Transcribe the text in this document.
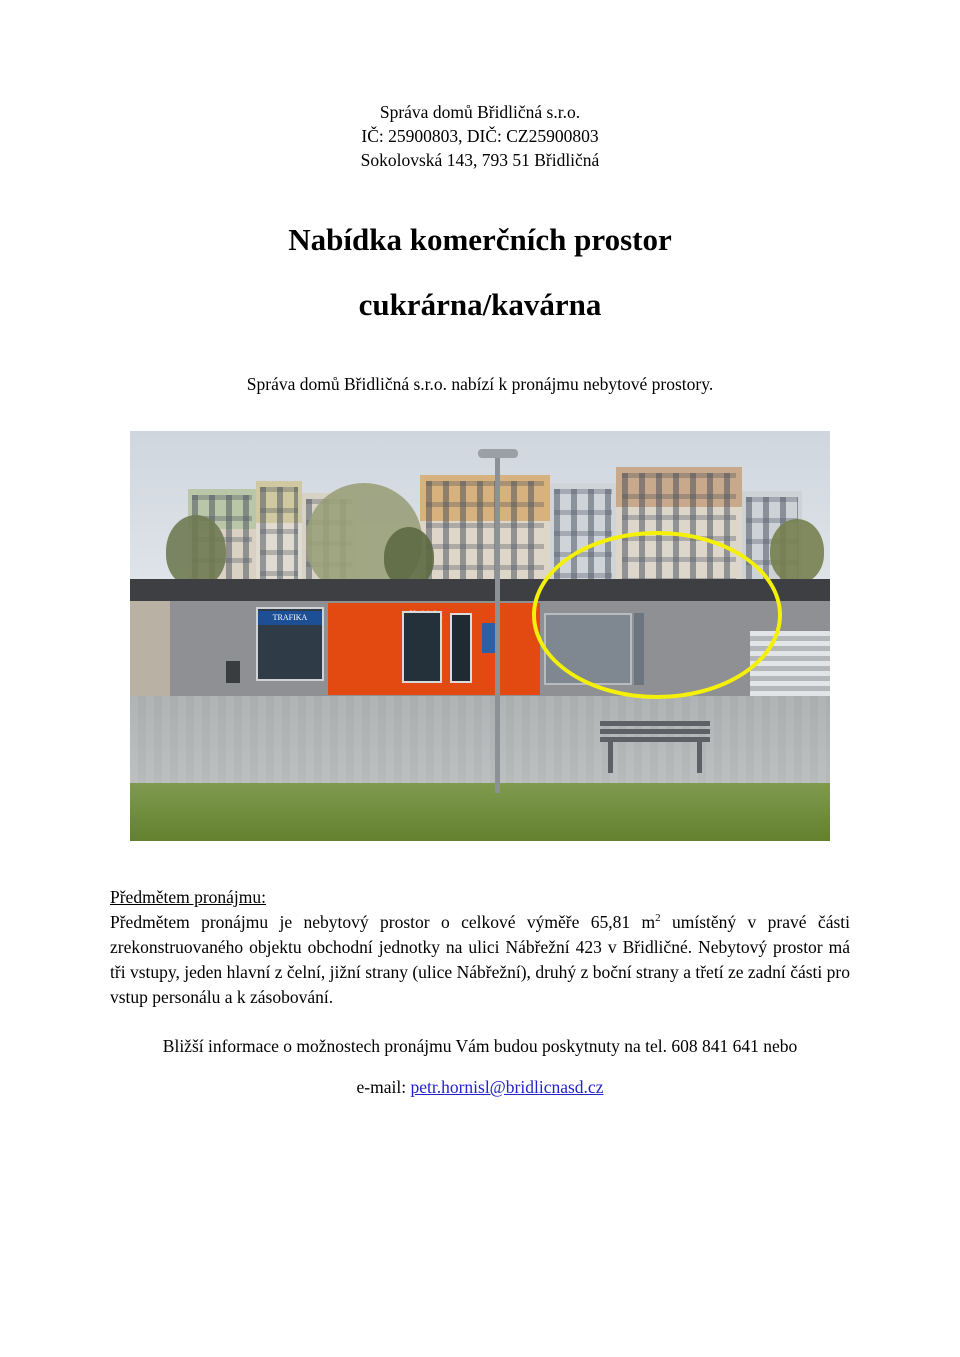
Správa domů Břidličná s.r.o.
IČ: 25900803, DIČ: CZ25900803
Sokolovská 143, 793 51 Břidličná
Nabídka komerčních prostor
cukrárna/kavárna

Správa domů Břidličná s.r.o. nabízí k pronájmu nebytové prostory.

TRAFIKA
Předmětem pronájmu:

Předmětem pronájmu je nebytový prostor o celkové výměře 65,81 $m^2$ umístěný v pravé části zrekonstruovaného objektu obchodní jednotky na ulici Nábřežní 423 v Břidličné. Nebytový prostor má tři vstupy, jeden hlavní z čelní, jižní strany (ulice Nábřežní), druhý z boční strany a třetí ze zadní části pro vstup personálu a k zásobování.

Bližší informace o možnostech pronájmu Vám budou poskytnuty na tel. 608 841 641 nebo

e-mail: petr.hornisl@bridlicnasd.cz
